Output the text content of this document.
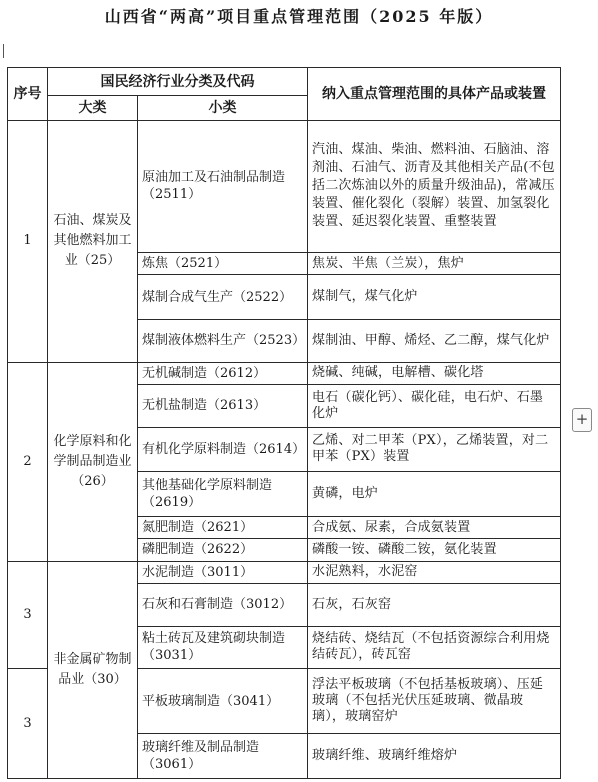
山西省“两高”项目重点管理范围（2025 年版）
+
序号	国民经济行业分类及代码		纳入重点管理范围的具体产品或装置
	大类	小类	
1	石油、煤炭及其他燃料加工业（25）	原油加工及石油制品制造（2511）	汽油、煤油、柴油、燃料油、石脑油、溶剂油、石油气、沥青及其他相关产品(不包括二次炼油以外的质量升级油品)，常减压装置、催化裂化（裂解）装置、加氢裂化装置、延迟裂化装置、重整装置
		炼焦（2521）	焦炭、半焦（兰炭），焦炉
		煤制合成气生产（2522）	煤制气，煤气化炉
		煤制液体燃料生产（2523）	煤制油、甲醇、烯烃、乙二醇，煤气化炉
2	化学原料和化学制品制造业（26）	无机碱制造（2612）	烧碱、纯碱，电解槽、碳化塔
		无机盐制造（2613）	电石（碳化钙）、碳化硅，电石炉、石墨化炉
		有机化学原料制造（2614）	乙烯、对二甲苯（PX），乙烯装置，对二甲苯（PX）装置
		其他基础化学原料制造（2619）	黄磷，电炉
		氮肥制造（2621）	合成氨、尿素，合成氨装置
		磷肥制造（2622）	磷酸一铵、磷酸二铵，氨化装置
3	非金属矿物制品业（30）	水泥制造（3011）	水泥熟料，水泥窑
		石灰和石膏制造（3012）	石灰，石灰窑
		粘土砖瓦及建筑砌块制造（3031）	烧结砖、烧结瓦（不包括资源综合利用烧结砖瓦），砖瓦窑
3		平板玻璃制造（3041）	浮法平板玻璃（不包括基板玻璃）、压延玻璃（不包括光伏压延玻璃、微晶玻璃），玻璃窑炉
		玻璃纤维及制品制造（3061）	玻璃纤维、玻璃纤维熔炉
